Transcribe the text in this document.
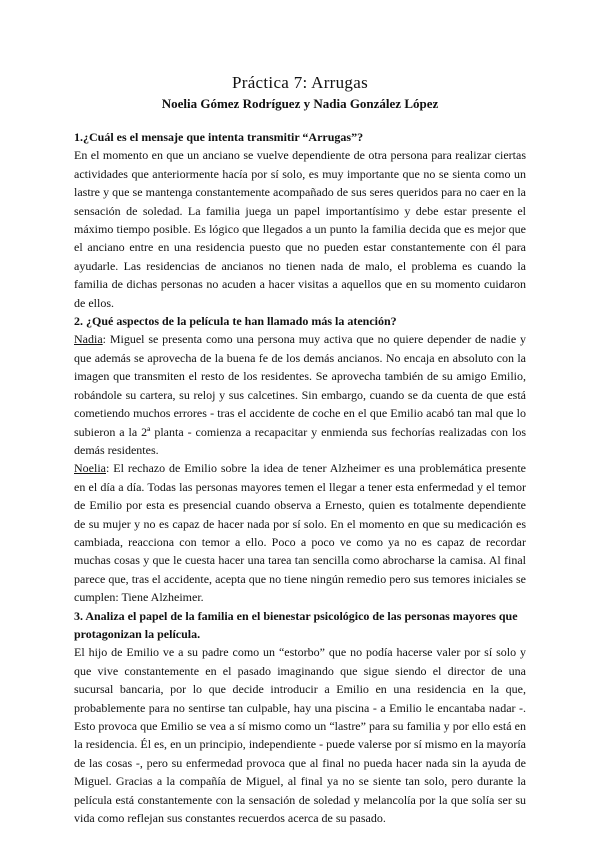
Práctica 7: Arrugas
Noelia Gómez Rodríguez y Nadia González López

1.¿Cuál es el mensaje que intenta transmitir “Arrugas”?

En el momento en que un anciano se vuelve dependiente de otra persona para realizar ciertas actividades que anteriormente hacía por sí solo, es muy importante que no se sienta como un lastre y que se mantenga constantemente acompañado de sus seres queridos para no caer en la sensación de soledad. La familia juega un papel importantísimo y debe estar presente el máximo tiempo posible. Es lógico que llegados a un punto la familia decida que es mejor que el anciano entre en una residencia puesto que no pueden estar constantemente con él para ayudarle. Las residencias de ancianos no tienen nada de malo, el problema es cuando la familia de dichas personas no acuden a hacer visitas a aquellos que en su momento cuidaron de ellos.

2. ¿Qué aspectos de la película te han llamado más la atención?

Nadia: Miguel se presenta como una persona muy activa que no quiere depender de nadie y que además se aprovecha de la buena fe de los demás ancianos. No encaja en absoluto con la imagen que transmiten el resto de los residentes. Se aprovecha también de su amigo Emilio, robándole su cartera, su reloj y sus calcetines. Sin embargo, cuando se da cuenta de que está cometiendo muchos errores - tras el accidente de coche en el que Emilio acabó tan mal que lo subieron a la 2ª planta - comienza a recapacitar y enmienda sus fechorías realizadas con los demás residentes.

Noelia: El rechazo de Emilio sobre la idea de tener Alzheimer es una problemática presente en el día a día. Todas las personas mayores temen el llegar a tener esta enfermedad y el temor de Emilio por esta es presencial cuando observa a Ernesto, quien es totalmente dependiente de su mujer y no es capaz de hacer nada por sí solo. En el momento en que su medicación es cambiada, reacciona con temor a ello. Poco a poco ve como ya no es capaz de recordar muchas cosas y que le cuesta hacer una tarea tan sencilla como abrocharse la camisa. Al final parece que, tras el accidente, acepta que no tiene ningún remedio pero sus temores iniciales se cumplen: Tiene Alzheimer.

3. Analiza el papel de la familia en el bienestar psicológico de las personas mayores que protagonizan la película.

El hijo de Emilio ve a su padre como un “estorbo” que no podía hacerse valer por sí solo y que vive constantemente en el pasado imaginando que sigue siendo el director de una sucursal bancaria, por lo que decide introducir a Emilio en una residencia en la que, probablemente para no sentirse tan culpable, hay una piscina - a Emilio le encantaba nadar -. Esto provoca que Emilio se vea a sí mismo como un “lastre” para su familia y por ello está en la residencia. Él es, en un principio, independiente - puede valerse por sí mismo en la mayoría de las cosas -, pero su enfermedad provoca que al final no pueda hacer nada sin la ayuda de Miguel. Gracias a la compañía de Miguel, al final ya no se siente tan solo, pero durante la película está constantemente con la sensación de soledad y melancolía por la que solía ser su vida como reflejan sus constantes recuerdos acerca de su pasado.
